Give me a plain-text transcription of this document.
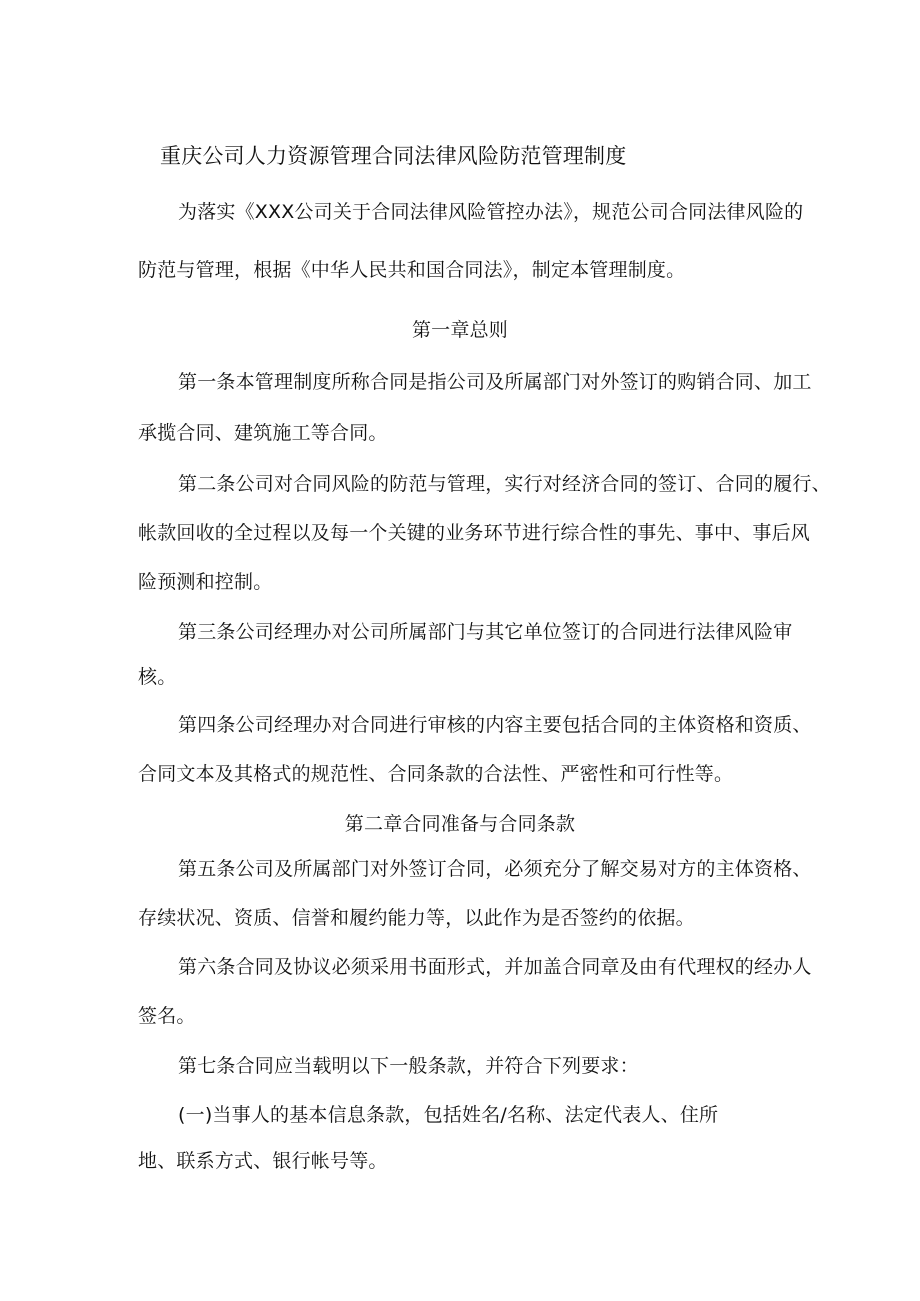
重庆公司人力资源管理合同法律风险防范管理制度
为落实《XXX公司关于合同法律风险管控办法》，规范公司合同法律风险的
防范与管理，根据《中华人民共和国合同法》，制定本管理制度。
第一章总则
第一条本管理制度所称合同是指公司及所属部门对外签订的购销合同、加工
承揽合同、建筑施工等合同。
第二条公司对合同风险的防范与管理，实行对经济合同的签订、合同的履行、
帐款回收的全过程以及每一个关键的业务环节进行综合性的事先、事中、事后风
险预测和控制。
第三条公司经理办对公司所属部门与其它单位签订的合同进行法律风险审
核。
第四条公司经理办对合同进行审核的内容主要包括合同的主体资格和资质、
合同文本及其格式的规范性、合同条款的合法性、严密性和可行性等。
第二章合同准备与合同条款
第五条公司及所属部门对外签订合同，必须充分了解交易对方的主体资格、
存续状况、资质、信誉和履约能力等，以此作为是否签约的依据。
第六条合同及协议必须采用书面形式，并加盖合同章及由有代理权的经办人
签名。
第七条合同应当载明以下一般条款，并符合下列要求：
(一)当事人的基本信息条款，包括姓名/名称、法定代表人、住所
地、联系方式、银行帐号等。
